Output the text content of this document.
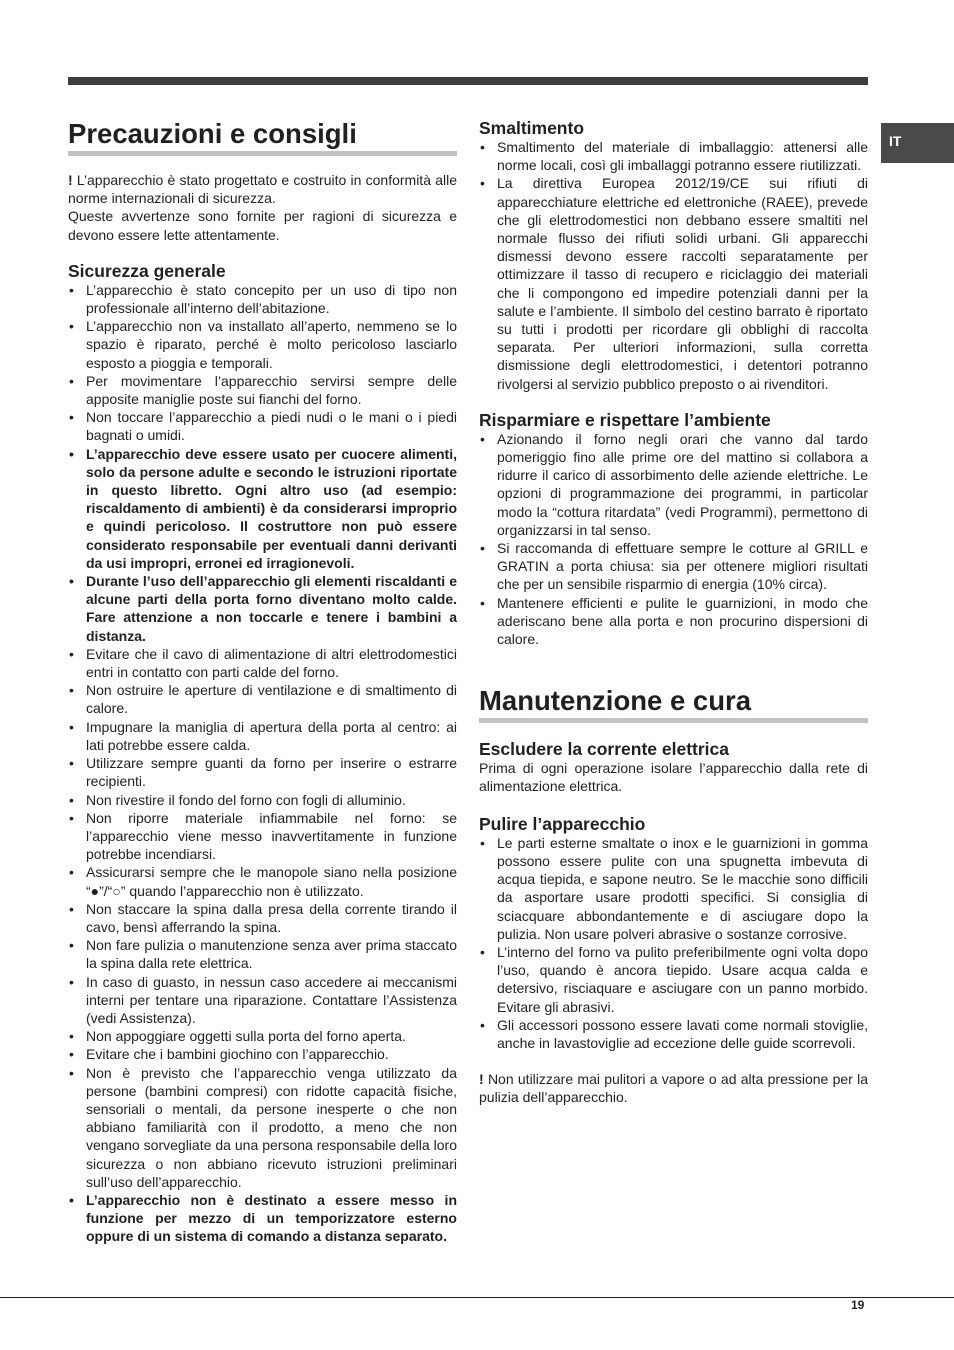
IT
Precauzioni e consigli

! L’apparecchio è stato progettato e costruito in conformità alle norme internazionali di sicurezza.

Queste avvertenze sono fornite per ragioni di sicurezza e devono essere lette attentamente.

Sicurezza generale
• L’apparecchio è stato concepito per un uso di tipo non professionale all’interno dell’abitazione.
• L’apparecchio non va installato all’aperto, nemmeno se lo spazio è riparato, perché è molto pericoloso lasciarlo esposto a pioggia e temporali.
• Per movimentare l’apparecchio servirsi sempre delle apposite maniglie poste sui fianchi del forno.
• Non toccare l’apparecchio a piedi nudi o le mani o i piedi bagnati o umidi.
• L’apparecchio deve essere usato per cuocere alimenti, solo da persone adulte e secondo le istruzioni riportate in questo libretto. Ogni altro uso (ad esempio: riscaldamento di ambienti) è da considerarsi improprio e quindi pericoloso. Il costruttore non può essere considerato responsabile per eventuali danni derivanti da usi impropri, erronei ed irragionevoli.
• Durante l’uso dell’apparecchio gli elementi riscaldanti e alcune parti della porta forno diventano molto calde. Fare attenzione a non toccarle e tenere i bambini a distanza.
• Evitare che il cavo di alimentazione di altri elettrodomestici entri in contatto con parti calde del forno.
• Non ostruire le aperture di ventilazione e di smaltimento di calore.
• Impugnare la maniglia di apertura della porta al centro: ai lati potrebbe essere calda.
• Utilizzare sempre guanti da forno per inserire o estrarre recipienti.
• Non rivestire il fondo del forno con fogli di alluminio.
• Non riporre materiale infiammabile nel forno: se l’apparecchio viene messo inavvertitamente in funzione potrebbe incendiarsi.
• Assicurarsi sempre che le manopole siano nella posizione “●”/“○” quando l’apparecchio non è utilizzato.
• Non staccare la spina dalla presa della corrente tirando il cavo, bensì afferrando la spina.
• Non fare pulizia o manutenzione senza aver prima staccato la spina dalla rete elettrica.
• In caso di guasto, in nessun caso accedere ai meccanismi interni per tentare una riparazione. Contattare l’Assistenza (vedi Assistenza).
• Non appoggiare oggetti sulla porta del forno aperta.
• Evitare che i bambini giochino con l’apparecchio.
• Non è previsto che l’apparecchio venga utilizzato da persone (bambini compresi) con ridotte capacità fisiche, sensoriali o mentali, da persone inesperte o che non abbiano familiarità con il prodotto, a meno che non vengano sorvegliate da una persona responsabile della loro sicurezza o non abbiano ricevuto istruzioni preliminari sull’uso dell’apparecchio.
• L’apparecchio non è destinato a essere messo in funzione per mezzo di un temporizzatore esterno oppure di un sistema di comando a distanza separato.
Smaltimento
• Smaltimento del materiale di imballaggio: attenersi alle norme locali, così gli imballaggi potranno essere riutilizzati.
• La direttiva Europea 2012/19/CE sui rifiuti di apparecchiature elettriche ed elettroniche (RAEE), prevede che gli elettrodomestici non debbano essere smaltiti nel normale flusso dei rifiuti solidi urbani. Gli apparecchi dismessi devono essere raccolti separatamente per ottimizzare il tasso di recupero e riciclaggio dei materiali che li compongono ed impedire potenziali danni per la salute e l’ambiente. Il simbolo del cestino barrato è riportato su tutti i prodotti per ricordare gli obblighi di raccolta separata. Per ulteriori informazioni, sulla corretta dismissione degli elettrodomestici, i detentori potranno rivolgersi al servizio pubblico preposto o ai rivenditori.
Risparmiare e rispettare l’ambiente
• Azionando il forno negli orari che vanno dal tardo pomeriggio fino alle prime ore del mattino si collabora a ridurre il carico di assorbimento delle aziende elettriche. Le opzioni di programmazione dei programmi, in particolar modo la “cottura ritardata” (vedi Programmi), permettono di organizzarsi in tal senso.
• Si raccomanda di effettuare sempre le cotture al GRILL e GRATIN a porta chiusa: sia per ottenere migliori risultati che per un sensibile risparmio di energia (10% circa).
• Mantenere efficienti e pulite le guarnizioni, in modo che aderiscano bene alla porta e non procurino dispersioni di calore.
Manutenzione e cura
Escludere la corrente elettrica

Prima di ogni operazione isolare l’apparecchio dalla rete di alimentazione elettrica.

Pulire l’apparecchio
• Le parti esterne smaltate o inox e le guarnizioni in gomma possono essere pulite con una spugnetta imbevuta di acqua tiepida, e sapone neutro. Se le macchie sono difficili da asportare usare prodotti specifici. Si consiglia di sciacquare abbondantemente e di asciugare dopo la pulizia. Non usare polveri abrasive o sostanze corrosive.
• L’interno del forno va pulito preferibilmente ogni volta dopo l’uso, quando è ancora tiepido. Usare acqua calda e detersivo, risciaquare e asciugare con un panno morbido. Evitare gli abrasivi.
• Gli accessori possono essere lavati come normali stoviglie, anche in lavastoviglie ad eccezione delle guide scorrevoli.

! Non utilizzare mai pulitori a vapore o ad alta pressione per la pulizia dell’apparecchio.

19
